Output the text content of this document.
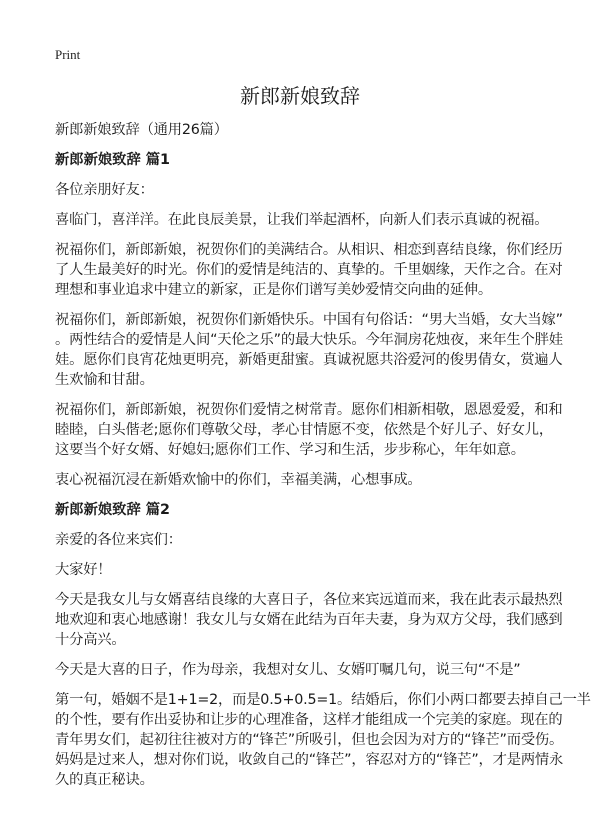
Print
新郎新娘致辞
新郎新娘致辞（通用26篇）
新郎新娘致辞 篇1
各位亲朋好友：
喜临门，喜洋洋。在此良辰美景，让我们举起酒杯，向新人们表示真诚的祝福。
祝福你们，新郎新娘，祝贺你们的美满结合。从相识、相恋到喜结良缘，你们经历
了人生最美好的时光。你们的爱情是纯洁的、真挚的。千里姻缘，天作之合。在对
理想和事业追求中建立的新家，正是你们谱写美妙爱情交向曲的延伸。
祝福你们，新郎新娘，祝贺你们新婚快乐。中国有句俗话：“男大当婚，女大当嫁”
。两性结合的爱情是人间“天伦之乐”的最大快乐。今年洞房花烛夜，来年生个胖娃
娃。愿你们良宵花烛更明亮，新婚更甜蜜。真诚祝愿共浴爱河的俊男倩女，赏遍人
生欢愉和甘甜。
祝福你们，新郎新娘，祝贺你们爱情之树常青。愿你们相新相敬，恩恩爱爱，和和
睦睦，白头偕老;愿你们尊敬父母，孝心甘情愿不变，依然是个好儿子、好女儿，
这要当个好女婿、好媳妇;愿你们工作、学习和生活，步步称心，年年如意。
衷心祝福沉浸在新婚欢愉中的你们，幸福美满，心想事成。
新郎新娘致辞 篇2
亲爱的各位来宾们：
大家好！
今天是我女儿与女婿喜结良缘的大喜日子，各位来宾远道而来，我在此表示最热烈
地欢迎和衷心地感谢！我女儿与女婿在此结为百年夫妻，身为双方父母，我们感到
十分高兴。
今天是大喜的日子，作为母亲，我想对女儿、女婿叮嘱几句，说三句“不是”
第一句，婚姻不是1+1=2，而是0.5+0.5=1。结婚后，你们小两口都要去掉自己一半
的个性，要有作出妥协和让步的心理准备，这样才能组成一个完美的家庭。现在的
青年男女们，起初往往被对方的“锋芒”所吸引，但也会因为对方的“锋芒”而受伤。
妈妈是过来人，想对你们说，收敛自己的“锋芒”，容忍对方的“锋芒”，才是两情永
久的真正秘诀。
